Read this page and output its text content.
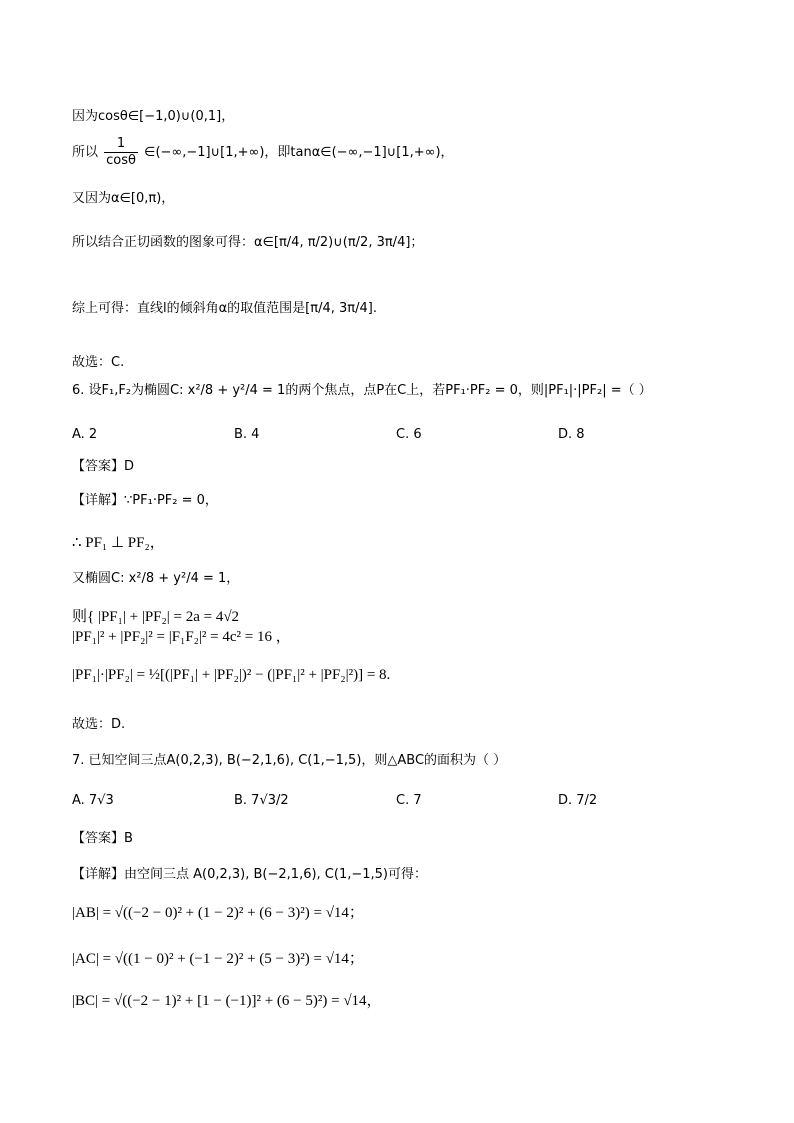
因为cosθ∈[−1,0)∪(0,1]，
所以 $\frac{1}{\cos\theta}$ ∈(−∞,−1]∪[1,+∞)，即tanα∈(−∞,−1]∪[1,+∞)，
又因为α∈[0,π)，
所以结合正切函数的图象可得：α∈[π/4, π/2)∪(π/2, 3π/4]；
综上可得：直线l的倾斜角α的取值范围是[π/4, 3π/4].
故选：C.
6. 设F₁,F₂为椭圆C: x²/8 + y²/4 = 1的两个焦点，点P在C上，若PF₁·PF₂ = 0，则|PF₁|·|PF₂| =（ ）
A. 2	B. 4	C. 6	D. 8
【答案】D
【详解】∵PF₁·PF₂ = 0，
∴ PF₁ ⊥ PF₂，
又椭圆C: x²/8 + y²/4 = 1，
则{ |PF₁| + |PF₂| = 2a = 4√2
|PF₁|² + |PF₂|² = |F₁F₂|² = 4c² = 16 ，
|PF₁|·|PF₂| = ½[(|PF₁| + |PF₂|)² − (|PF₁|² + |PF₂|²)] = 8.
故选：D.
7. 已知空间三点A(0,2,3), B(−2,1,6), C(1,−1,5)，则△ABC的面积为（ ）
A. 7√3	B. 7√3/2	C. 7	D. 7/2
【答案】B
【详解】由空间三点 A(0,2,3), B(−2,1,6), C(1,−1,5)可得：
|AB| = √((−2 − 0)² + (1 − 2)² + (6 − 3)²) = √14；
|AC| = √((1 − 0)² + (−1 − 2)² + (5 − 3)²) = √14；
|BC| = √((−2 − 1)² + [1 − (−1)]² + (6 − 5)²) = √14，
